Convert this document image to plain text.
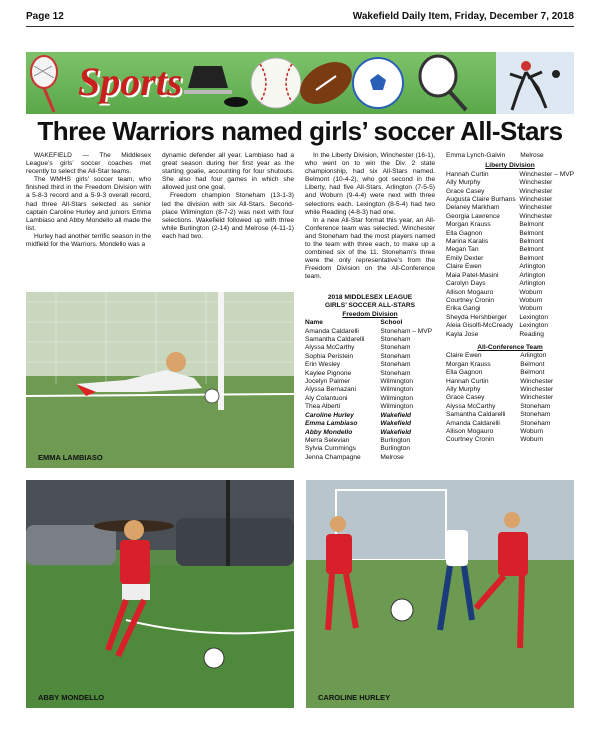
Page 12	Wakefield Daily Item, Friday, December 7, 2018
Sports
Three Warriors named girls’ soccer All-Stars

WAKEFIELD — The Middlesex League’s girls’ soccer coaches met recently to select the All-Star teams.

The WMHS girls’ soccer team, who finished third in the Freedom Division with a 5-8-3 record and a 5-9-3 overall record, had three All-Stars selected as senior captain Caroline Hurley and juniors Emma Lambiaso and Abby Mondello all made the list.

Hurley had another terrific season in the midfield for the Warriors. Mondello was a

dynamic defender all year. Lambiaso had a great season during her first year as the starting goalie, accounting for four shutouts. She also had four games in which she allowed just one goal.

Freedom champion Stoneham (13-1-3) led the division with six All-Stars. Second-place Wilmington (8-7-2) was next with four selections. Wakefield followed up with three while Burlington (2-14) and Melrose (4-11-1) each had two.

In the Liberty Division, Winchester (16-1), who went on to win the Div. 2 state championship, had six All-Stars named. Belmont (10-4-2), who got second in the Liberty, had five All-Stars. Arlington (7-5-5) and Woburn (9-4-4) were next with three selections each. Lexington (8-5-4) had two while Reading (4-8-3) had one.

In a new All-Star format this year, an All-Conference team was selected. Winchester and Stoneham had the most players named to the team with three each, to make up a combined six of the 11. Stoneham’s three were the only representative’s from the Freedom Division on the All-Conference team.

2018 MIDDLESEX LEAGUE
GIRLS’ SOCCER ALL-STARS
Freedom Division
Name	School
Amanda Caldarelli	Stoneham – MVP
Samantha Caldarelli	Stoneham
Alyssa McCarthy	Stoneham
Sophia Peristein	Stoneham
Erin Wesley	Stoneham
Kaylee Pignone	Stoneham
Jocelyn Palmer	Wilmington
Alyssa Bernazani	Wilmington
Aly Colantuoni	Wilmington
Thea Alberti	Wilmington
Caroline Hurley	Wakefield
Emma Lambiaso	Wakefield
Abby Mondello	Wakefield
Merra Selevian	Burlington
Sylvia Cummings	Burlington
Jenna Champagne	Melrose
Emma Lynch-Galvin	Melrose
Liberty Division
Hannah Curtin	Winchester – MVP
Ally Murphy	Winchester
Grace Casey	Winchester
Augusta Claire Burhans	Winchester
Delaney Markham	Winchester
Georgia Lawrence	Winchester
Morgan Krauss	Belmont
Ella Gagnon	Belmont
Marina Karalis	Belmont
Megan Tan	Belmont
Emily Dexter	Belmont
Claire Ewen	Arlington
Maia Patel-Masini	Arlington
Carolyn Days	Arlington
Allison Mogauro	Woburn
Courtney Cronin	Woburn
Erika Gangi	Woburn
Sheyda Hershberger	Lexington
Aleia Gisolfi-McCready	Lexington
Kayla Jose	Reading
All-Conference Team
Claire Ewen	Arlington
Morgan Krauss	Belmont
Ella Gagnon	Belmont
Hannah Curtin	Winchester
Ally Murphy	Winchester
Grace Casey	Winchester
Alyssa McCarthy	Stoneham
Samantha Caldarelli	Stoneham
Amanda Caldarelli	Stoneham
Allison Mogauro	Woburn
Courtney Cronin	Woburn
EMMA LAMBIASO
ABBY MONDELLO	CAROLINE HURLEY
